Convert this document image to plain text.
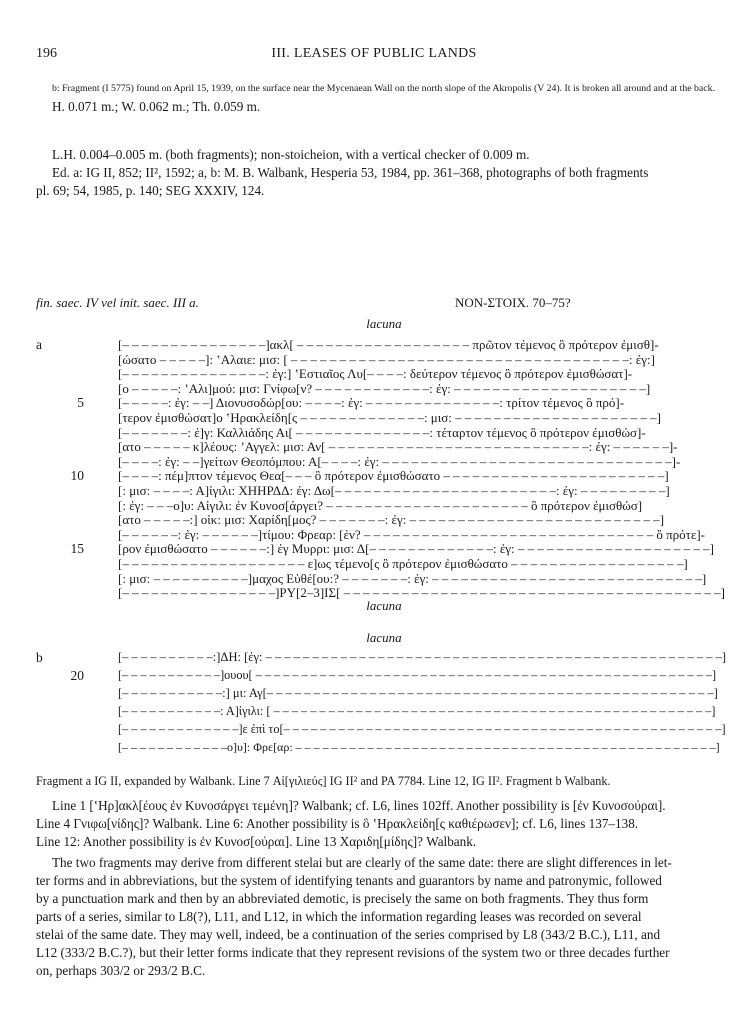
196	III. LEASES OF PUBLIC LANDS

b: Fragment (I 5775) found on April 15, 1939, on the surface near the Mycenaean Wall on the north slope of the Akropolis (V 24). It is broken all around and at the back.

H. 0.071 m.; W. 0.062 m.; Th. 0.059 m.

L.H. 0.004–0.005 m. (both fragments); non-stoicheion, with a vertical checker of 0.009 m.

Ed. a: IG II, 852; II², 1592; a, b: M. B. Walbank, Hesperia 53, 1984, pp. 361–368, photographs of both fragments

pl. 69; 54, 1985, p. 140; SEG XXXIV, 124.

fin. saec. IV vel init. saec. III a.	NON-ΣΤΟΙΧ. 70–75?
lacuna
a	[– – – – – – – – – – – – – – –]ακλ[ – – – – – – – – – – – – – – – – – – πρῶτον τέμενος ὃ πρότερον ἐμισθ]-
[ώσατο – – – – –]: ʽΑλαιε: μισ: [ – – – – – – – – – – – – – – – – – – – – – – – – – – – – – – – – – – –: ἐγ:]
[– – – – – – – – – – – – – – –: ἐγ:] ʽΕστιαῖος Λυ[– – – –: δεύτερον τέμενος ὃ πρότερον ἐμισθώσατ]-
[ο – – – – –: ʽΑλι]μού: μισ: Γνίφω[ν? – – – – – – – – – – – –: ἐγ: – – – – – – – – – – – – – – – – – – – –]
[– – – – –: ἐγ: – –] Διονυσοδώρ[ου: – – – –: ἐγ: – – – – – – – – – – – – – –: τρίτον τέμενος ὃ πρό]-
[τερον ἐμισθώσατ]ο ʽΗρακλείδη[ς – – – – – – – – – – – – –: μισ: – – – – – – – – – – – – – – – – – – – – –]
[– – – – – – –: ἐ]γ: Καλλιάδης Αι[ – – – – – – – – – – – – – –: τέταρτον τέμενος ὃ πρότερον ἐμισθώσ]-
[ατο – – – – – κ]λέους: ʼΑγγελ: μισ: Αν[ – – – – – – – – – – – – – – – – – – – – – – – – – – –: ἐγ: – – – – – –]-
[– – – –: ἐγ: – –]γείτων Θεοπόμπου: Α[– – – –: ἐγ: – – – – – – – – – – – – – – – – – – – – – – – – – – – – – –]-
[– – – –: πέμ]πτον τέμενος Θεα[– – – ὃ πρότερον ἐμισθώσατο – – – – – – – – – – – – – – – – – – – – – – –]
[: μισ: – – – –: Α]ἰγιλι: ΧΗΗΡΔΔ: ἐγ: Δω[– – – – – – – – – – – – – – – – – – – – – – –: ἐγ: – – – – – – – – –]
[: ἐγ: – – –ο]υ: Αἰγιλι: ἐν Κυνοσ[άργει? – – – – – – – – – – – – – – – – – – – – – ὃ πρότερον ἐμισθώσ]
[ατο – – – – –:] οἰκ: μισ: Χαρίδη[μος? – – – – – – –: ἐγ: – – – – – – – – – – – – – – – – – – – – – – – – – –]
[– – – – – –: ἐγ: – – – – – –]τίμου: Φρεαρ: [ἐν? – – – – – – – – – – – – – – – – – – – – – – – – – – – – – – ὃ πρότε]-
[ρον ἐμισθώσατο – – – – – –:] ἐγ Μυρρι: μισ: Δ[– – – – – – – – – – – – –: ἐγ: – – – – – – – – – – – – – – – – – – – –]
[– – – – – – – – – – – – – – – – – – – ε]ως τέμενο[ς ὃ πρότερον ἐμισθώσατο – – – – – – – – – – – – – – – – – –]
[: μισ: – – – – – – – – – –]μαχος Εὐθέ[ου:? – – – – – – –: ἐγ: – – – – – – – – – – – – – – – – – – – – – – – – – – – –]
[– – – – – – – – – – – – – – – –]ΡΥ[2–3]ΙΣ[ – – – – – – – – – – – – – – – – – – – – – – – – – – – – – – – – – – – – – – –]
5
10
15
lacuna
lacuna
b	[– – – – – – – – – –:]ΔΗ: [ἐγ: – – – – – – – – – – – – – – – – – – – – – – – – – – – – – – – – – – – – – – – – – – – – – – – – –]
[– – – – – – – – – – –]ουου[ – – – – – – – – – – – – – – – – – – – – – – – – – – – – – – – – – – – – – – – – – – – – – – – – – –]
[– – – – – – – – – – –:] μι: Αγ[– – – – – – – – – – – – – – – – – – – – – – – – – – – – – – – – – – – – – – – – – – – – – – – –]
[– – – – – – – – – – –: Α]ἰγιλι: [ – – – – – – – – – – – – – – – – – – – – – – – – – – – – – – – – – – – – – – – – – – – – – – – –]
[– – – – – – – – – – – – –]ε ἐπὶ το[– – – – – – – – – – – – – – – – – – – – – – – – – – – – – – – – – – – – – – – – – – – – – – – –]
[– – – – – – – – – – – –ο]υ]: Φρε[αρ: – – – – – – – – – – – – – – – – – – – – – – – – – – – – – – – – – – – – – – – – – – – – – – –]
20
Fragment a IG II, expanded by Walbank. Line 7 Αἰ[γιλιεύς] IG II² and PA 7784. Line 12, IG II². Fragment b Walbank.

Line 1 [ʽΗρ]ακλ[έους ἐν Κυνοσάργει τεμένη]? Walbank; cf. L6, lines 102ff. Another possibility is [ἐν Κυνοσούραι].

Line 4 Γνιφω[νίδης]? Walbank. Line 6: Another possibility is ὃ ʽΗρακλείδη[ς καθιέρωσεν]; cf. L6, lines 137–138.

Line 12: Another possibility is ἐν Κυνοσ[ούραι]. Line 13 Χαριδη[μίδης]? Walbank.

The two fragments may derive from different stelai but are clearly of the same date: there are slight differences in let-

ter forms and in abbreviations, but the system of identifying tenants and guarantors by name and patronymic, followed

by a punctuation mark and then by an abbreviated demotic, is precisely the same on both fragments. They thus form

parts of a series, similar to L8(?), L11, and L12, in which the information regarding leases was recorded on several

stelai of the same date. They may well, indeed, be a continuation of the series comprised by L8 (343/2 B.C.), L11, and

L12 (333/2 B.C.?), but their letter forms indicate that they represent revisions of the system two or three decades further

on, perhaps 303/2 or 293/2 B.C.
